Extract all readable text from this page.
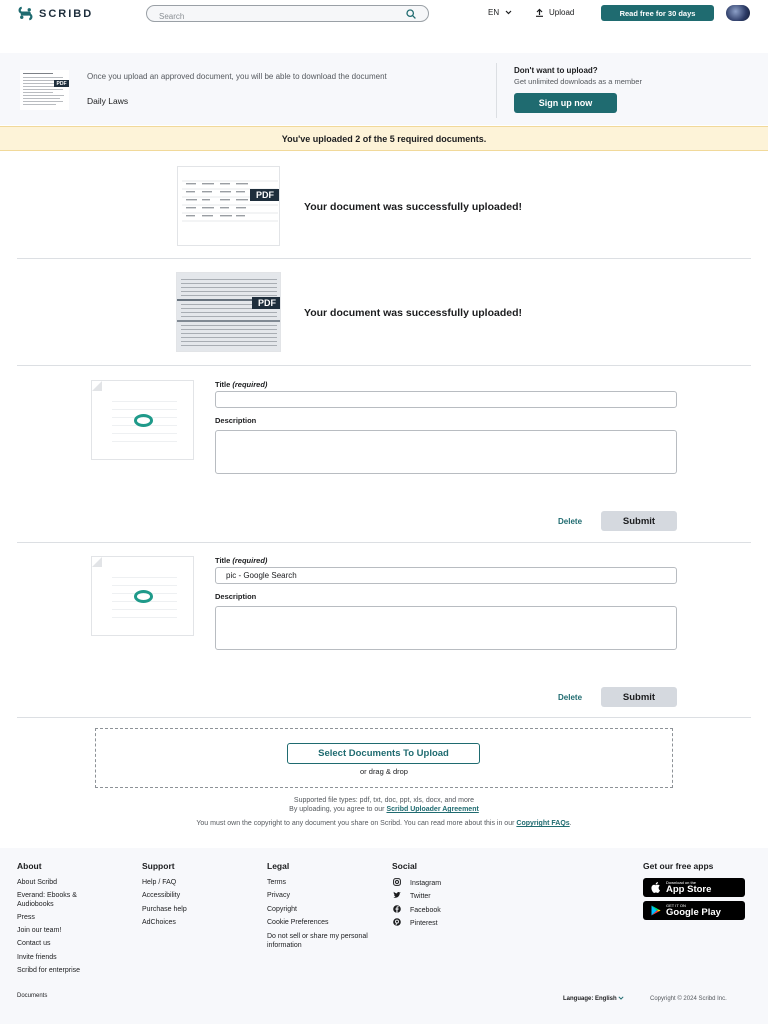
SCRIBD
Search	EN	Upload	Read free for 30 days
PDF
Once you upload an approved document, you will be able to download the document
Daily Laws
Don't want to upload?
Get unlimited downloads as a member
Sign up now
You've uploaded 2 of the 5 required documents.
PDF
Your document was successfully uploaded!
PDF
Your document was successfully uploaded!
Title (required)
Description
Delete	Submit
Title (required)
pic - Google Search
Description
Delete	Submit
Select Documents To Upload
or drag & drop
Supported file types: pdf, txt, doc, ppt, xls, docx, and more
By uploading, you agree to our Scribd Uploader Agreement
You must own the copyright to any document you share on Scribd. You can read more about this in our Copyright FAQs.
About
About Scribd
Everand: Ebooks & Audiobooks
Press
Join our team!
Contact us
Invite friends
Scribd for enterprise
Support
Help / FAQ
Accessibility
Purchase help
AdChoices
Legal
Terms
Privacy
Copyright
Cookie Preferences
Do not sell or share my personal information
Social
Instagram
Twitter
Facebook
Pinterest
Get our free apps
Download on the
App Store
GET IT ON
Google Play
Documents	Language: English	Copyright © 2024 Scribd Inc.
